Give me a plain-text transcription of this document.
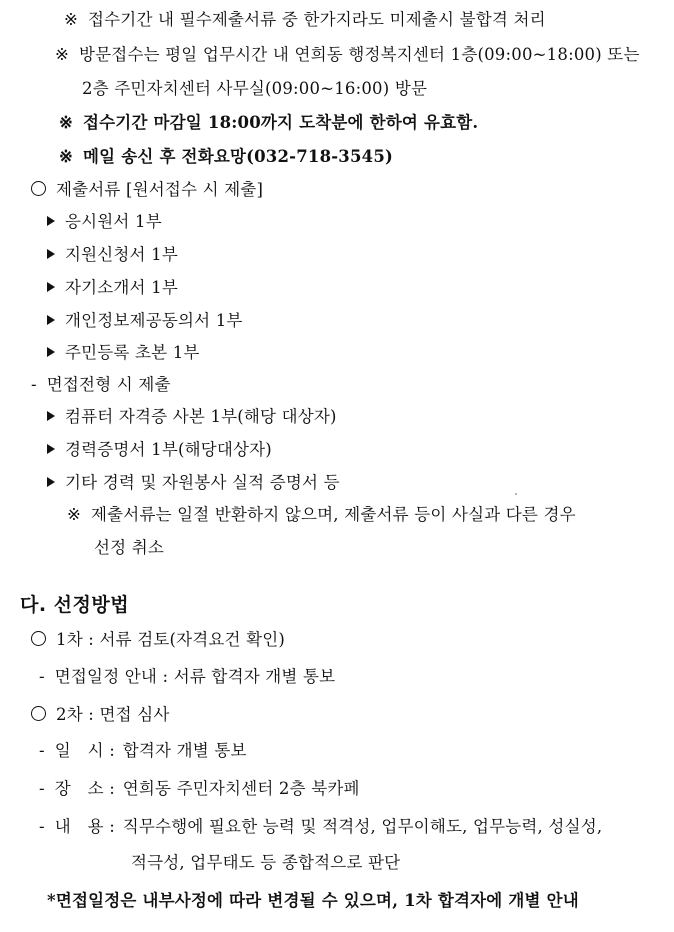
※ 접수기간 내 필수제출서류 중 한가지라도 미제출시 불합격 처리
※ 방문접수는 평일 업무시간 내 연희동 행정복지센터 1층(09:00~18:00) 또는
2층 주민자치센터 사무실(09:00~16:00) 방문
※ 접수기간 마감일 18:00까지 도착분에 한하여 유효함.
※ 메일 송신 후 전화요망(032-718-3545)
제출서류 [원서접수 시 제출]
응시원서 1부
지원신청서 1부
자기소개서 1부
개인정보제공동의서 1부
주민등록 초본 1부
- 면접전형 시 제출
컴퓨터 자격증 사본 1부(해당 대상자)
경력증명서 1부(해당대상자)
기타 경력 및 자원봉사 실적 증명서 등
※ 제출서류는 일절 반환하지 않으며, 제출서류 등이 사실과 다른 경우
선정 취소
다. 선정방법
1차 : 서류 검토(자격요건 확인)
- 면접일정 안내 : 서류 합격자 개별 통보
2차 : 면접 심사
- 일　시 : 합격자 개별 통보
- 장　소 : 연희동 주민자치센터 2층 북카페
- 내　용 : 직무수행에 필요한 능력 및 적격성, 업무이해도, 업무능력, 성실성,
적극성, 업무태도 등 종합적으로 판단
*면접일정은 내부사정에 따라 변경될 수 있으며, 1차 합격자에 개별 안내
